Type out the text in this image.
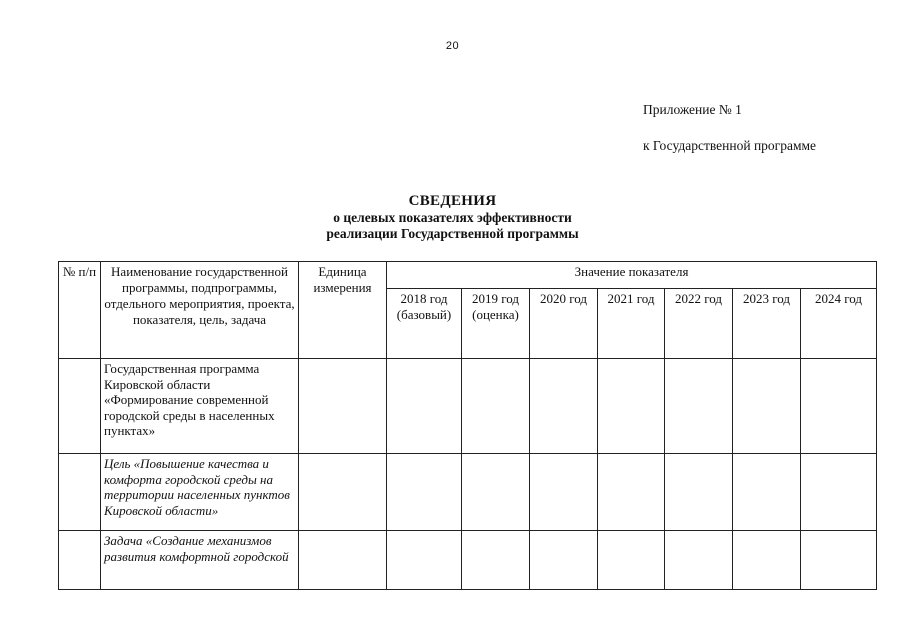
20
Приложение № 1
к Государственной программе
СВЕДЕНИЯ
о целевых показателях эффективности
реализации Государственной программы
№ п/п	Наименование государственной программы, подпрограммы, отдельного мероприятия, проекта, показателя, цель, задача	Единица измерения	Значение показателя						
			2018 год (базовый)	2019 год (оценка)	2020 год	2021 год	2022 год	2023 год	2024 год
	Государственная программа Кировской области «Формирование современной городской среды в населенных пунктах»								
	Цель «Повышение качества и комфорта городской среды на территории населенных пунктов Кировской области»								
	Задача «Создание механизмов развития комфортной городской								
